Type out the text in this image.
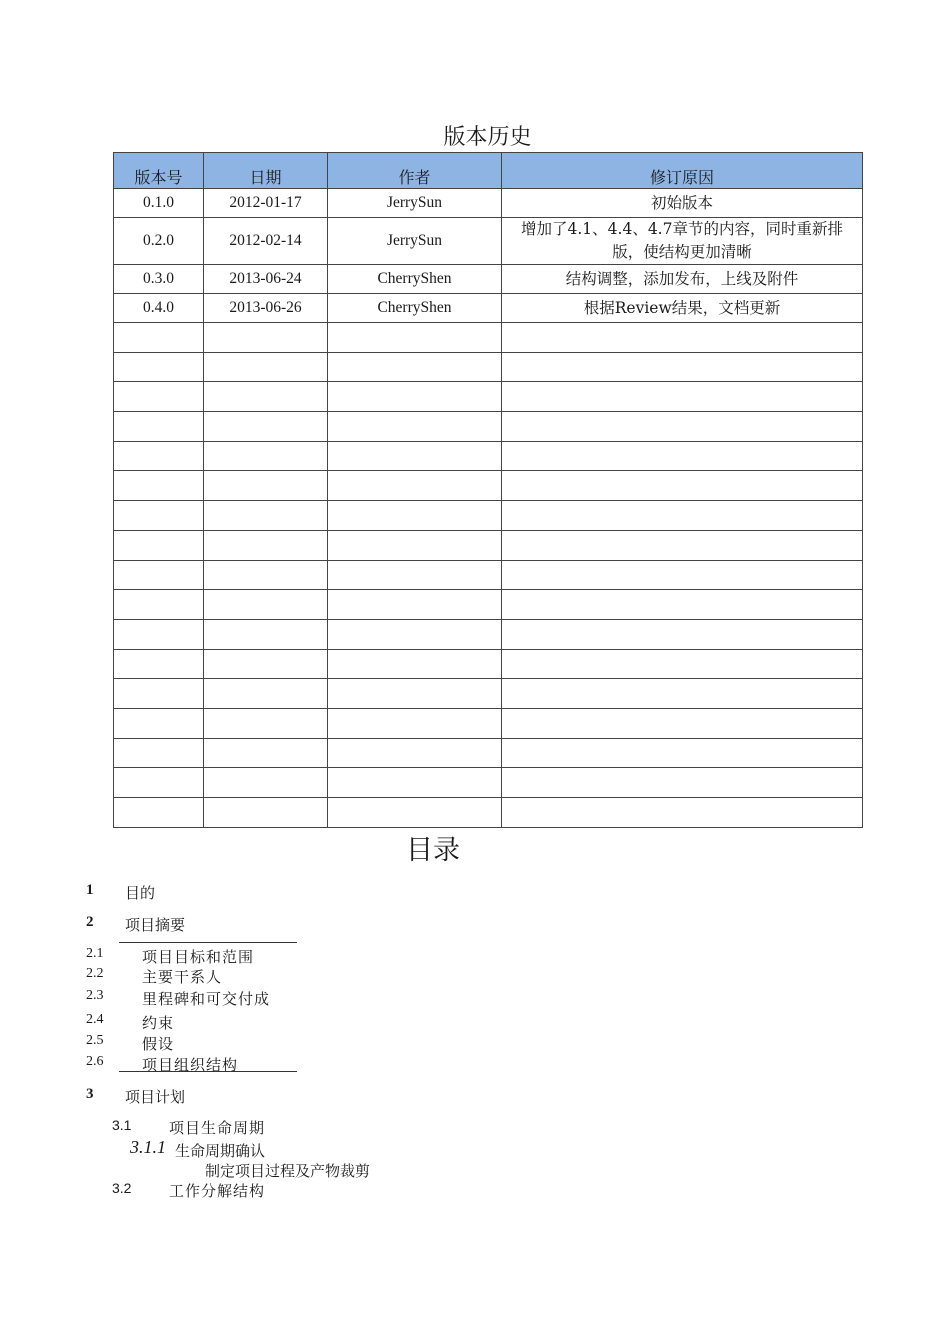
版本历史
版本号	日期	作者	修订原因
0.1.0	2012-01-17	JerrySun	初始版本
0.2.0	2012-02-14	JerrySun	增加了4.1、4.4、4.7章节的内容，同时重新排版，使结构更加清晰
0.3.0	2013-06-24	CherryShen	结构调整，添加发布，上线及附件
0.4.0	2013-06-26	CherryShen	根据Review结果，文档更新

目录
1 目的
2 项目摘要
2.1	项目目标和范围
2.2	主要干系人
2.3	里程碑和可交付成
2.4	约束
2.5	假设
2.6	项目组织结构
3 项目计划
3.1	项目生命周期
3.1.1 生命周期确认
制定项目过程及产物裁剪
3.2	工作分解结构
